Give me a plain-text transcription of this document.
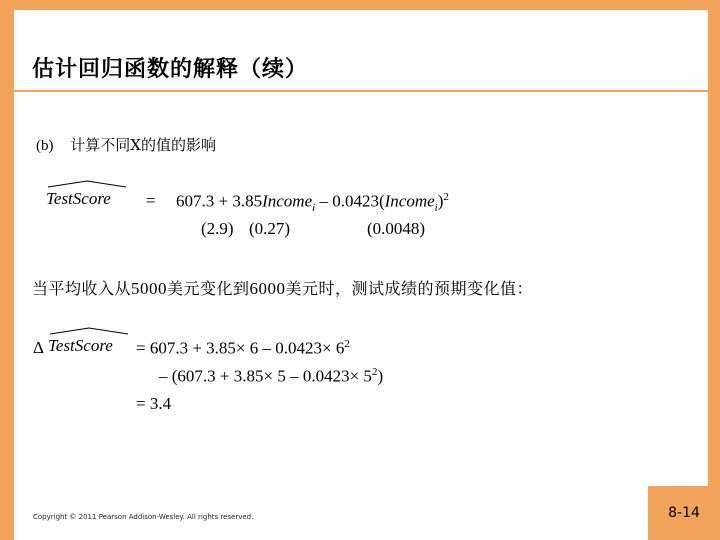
估计回归函数的解释（续）
(b) 计算不同X的值的影响
TestScore = 607.3 + 3.85Income$_i$ – 0.0423(Income$_i$)$^2$
(2.9) (0.27)	(0.0048)
当平均收入从5000美元变化到6000美元时，测试成绩的预期变化值：
Δ TestScore = $607.3 + 3.85\times 6 - 0.0423\times 6^2$
– $(607.3 + 3.85\times 5 - 0.0423\times 5^2)$
= 3.4
Copyright © 2011 Pearson Addison-Wesley. All rights reserved.	8-14
